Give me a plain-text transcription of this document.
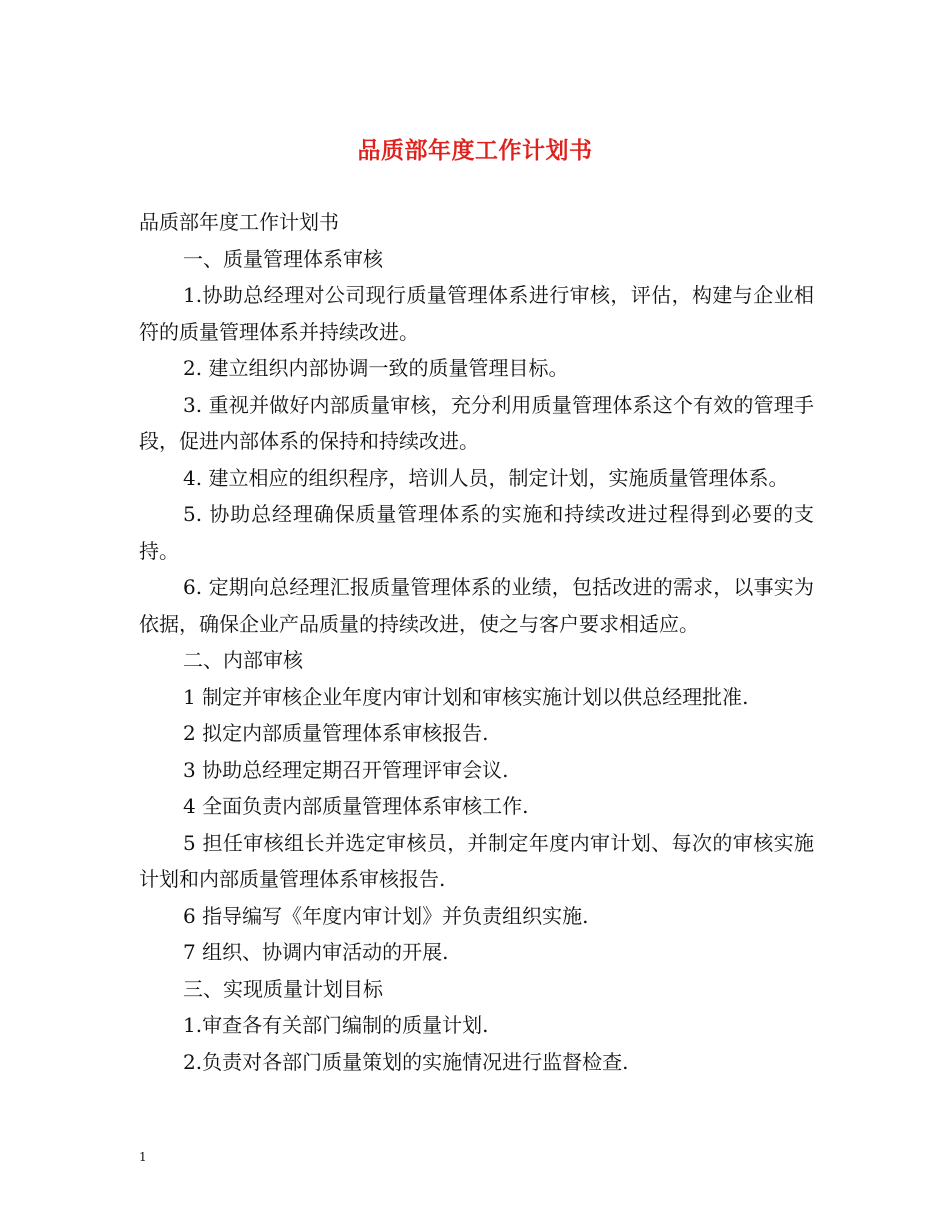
品质部年度工作计划书

品质部年度工作计划书

一、质量管理体系审核

1.协助总经理对公司现行质量管理体系进行审核，评估，构建与企业相符的质量管理体系并持续改进。

2. 建立组织内部协调一致的质量管理目标。

3. 重视并做好内部质量审核，充分利用质量管理体系这个有效的管理手段，促进内部体系的保持和持续改进。

4. 建立相应的组织程序，培训人员，制定计划，实施质量管理体系。

5. 协助总经理确保质量管理体系的实施和持续改进过程得到必要的支持。

6. 定期向总经理汇报质量管理体系的业绩，包括改进的需求，以事实为依据，确保企业产品质量的持续改进，使之与客户要求相适应。

二、内部审核

1 制定并审核企业年度内审计划和审核实施计划以供总经理批准.

2 拟定内部质量管理体系审核报告.

3 协助总经理定期召开管理评审会议.

4 全面负责内部质量管理体系审核工作.

5 担任审核组长并选定审核员，并制定年度内审计划、每次的审核实施计划和内部质量管理体系审核报告.

6 指导编写《年度内审计划》并负责组织实施.

7 组织、协调内审活动的开展.

三、实现质量计划目标

1.审查各有关部门编制的质量计划.

2.负责对各部门质量策划的实施情况进行监督检查.

1
